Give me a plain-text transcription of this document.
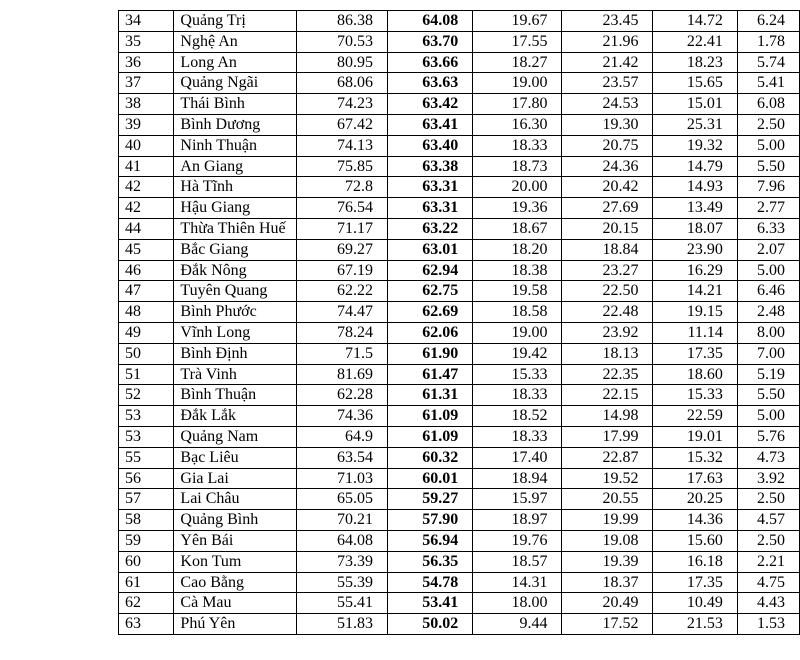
34	Quảng Trị	86.38	64.08	19.67	23.45	14.72	6.24
35	Nghệ An	70.53	63.70	17.55	21.96	22.41	1.78
36	Long An	80.95	63.66	18.27	21.42	18.23	5.74
37	Quảng Ngãi	68.06	63.63	19.00	23.57	15.65	5.41
38	Thái Bình	74.23	63.42	17.80	24.53	15.01	6.08
39	Bình Dương	67.42	63.41	16.30	19.30	25.31	2.50
40	Ninh Thuận	74.13	63.40	18.33	20.75	19.32	5.00
41	An Giang	75.85	63.38	18.73	24.36	14.79	5.50
42	Hà Tĩnh	72.8	63.31	20.00	20.42	14.93	7.96
42	Hậu Giang	76.54	63.31	19.36	27.69	13.49	2.77
44	Thừa Thiên Huế	71.17	63.22	18.67	20.15	18.07	6.33
45	Bắc Giang	69.27	63.01	18.20	18.84	23.90	2.07
46	Đắk Nông	67.19	62.94	18.38	23.27	16.29	5.00
47	Tuyên Quang	62.22	62.75	19.58	22.50	14.21	6.46
48	Bình Phước	74.47	62.69	18.58	22.48	19.15	2.48
49	Vĩnh Long	78.24	62.06	19.00	23.92	11.14	8.00
50	Bình Định	71.5	61.90	19.42	18.13	17.35	7.00
51	Trà Vinh	81.69	61.47	15.33	22.35	18.60	5.19
52	Bình Thuận	62.28	61.31	18.33	22.15	15.33	5.50
53	Đắk Lắk	74.36	61.09	18.52	14.98	22.59	5.00
53	Quảng Nam	64.9	61.09	18.33	17.99	19.01	5.76
55	Bạc Liêu	63.54	60.32	17.40	22.87	15.32	4.73
56	Gia Lai	71.03	60.01	18.94	19.52	17.63	3.92
57	Lai Châu	65.05	59.27	15.97	20.55	20.25	2.50
58	Quảng Bình	70.21	57.90	18.97	19.99	14.36	4.57
59	Yên Bái	64.08	56.94	19.76	19.08	15.60	2.50
60	Kon Tum	73.39	56.35	18.57	19.39	16.18	2.21
61	Cao Bằng	55.39	54.78	14.31	18.37	17.35	4.75
62	Cà Mau	55.41	53.41	18.00	20.49	10.49	4.43
63	Phú Yên	51.83	50.02	9.44	17.52	21.53	1.53
